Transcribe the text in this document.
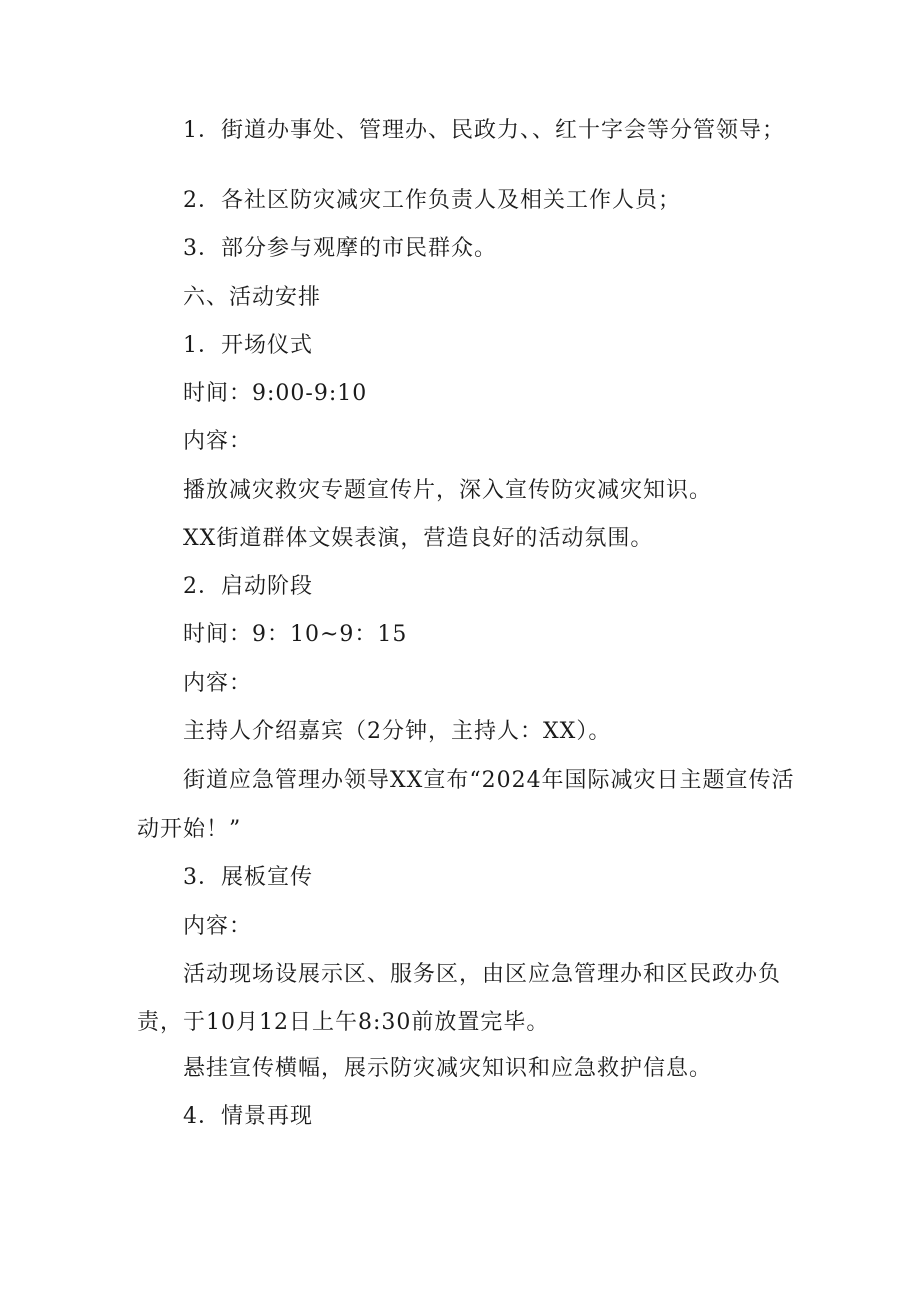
1．街道办事处、管理办、民政力、、红十字会等分管领导；
2．各社区防灾减灾工作负责人及相关工作人员；
3．部分参与观摩的市民群众。
六、活动安排
1．开场仪式
时间：9:00-9:10
内容：
播放减灾救灾专题宣传片，深入宣传防灾减灾知识。
XX街道群体文娱表演，营造良好的活动氛围。
2．启动阶段
时间：9：10~9：15
内容：
主持人介绍嘉宾（2分钟，主持人：XX）。
街道应急管理办领导XX宣布“2024年国际减灾日主题宣传活
动开始！”
3．展板宣传
内容：
活动现场设展示区、服务区，由区应急管理办和区民政办负
责，于10月12日上午8:30前放置完毕。
悬挂宣传横幅，展示防灾减灾知识和应急救护信息。
4．情景再现
